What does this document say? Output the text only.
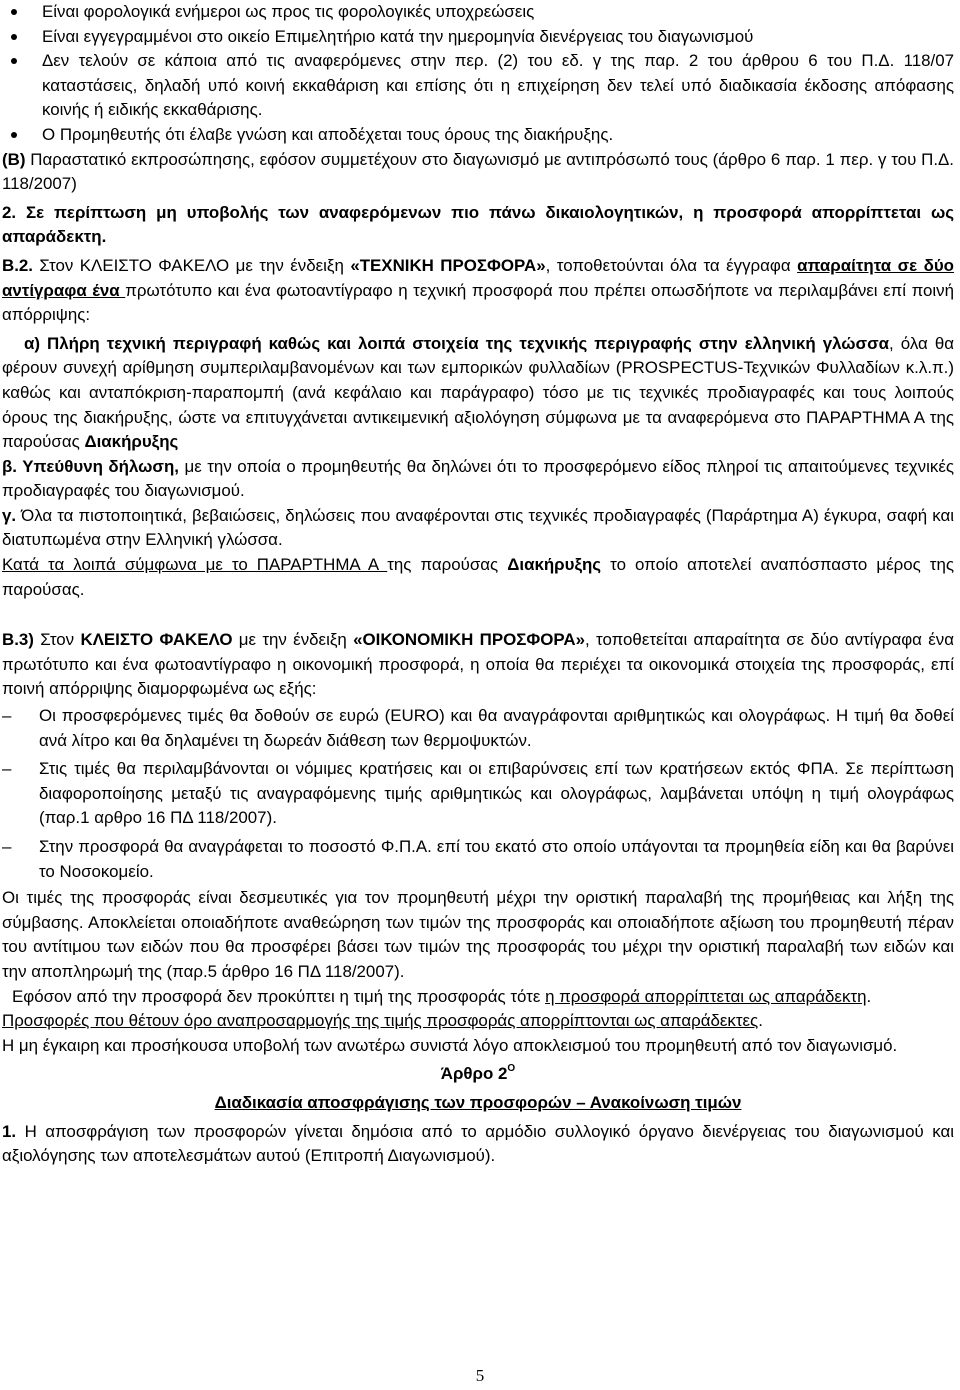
Είναι φορολογικά ενήμεροι ως προς τις φορολογικές υποχρεώσεις

Είναι εγγεγραμμένοι στο οικείο Επιμελητήριο κατά την ημερομηνία διενέργειας του διαγωνισμού

Δεν τελούν σε κάποια από τις αναφερόμενες στην περ. (2) του εδ. γ της παρ. 2 του άρθρου 6 του Π.Δ. 118/07 καταστάσεις, δηλαδή υπό κοινή εκκαθάριση και επίσης ότι η επιχείρηση δεν τελεί υπό διαδικασία έκδοσης απόφασης κοινής ή ειδικής εκκαθάρισης.

Ο Προμηθευτής ότι έλαβε γνώση και αποδέχεται τους όρους της διακήρυξης.

(Β) Παραστατικό εκπροσώπησης, εφόσον συμμετέχουν στο διαγωνισμό με αντιπρόσωπό τους (άρθρο 6 παρ. 1 περ. γ του Π.Δ. 118/2007)

2. Σε περίπτωση μη υποβολής των αναφερόμενων πιο πάνω δικαιολογητικών, η προσφορά απορρίπτεται ως απαράδεκτη.

Β.2. Στον ΚΛΕΙΣΤΟ ΦΑΚΕΛΟ με την ένδειξη «ΤΕΧΝΙΚΗ ΠΡΟΣΦΟΡΑ», τοποθετούνται όλα τα έγγραφα απαραίτητα σε δύο αντίγραφα ένα πρωτότυπο και ένα φωτοαντίγραφο η τεχνική προσφορά που πρέπει οπωσδήποτε να περιλαμβάνει επί ποινή απόρριψης:

α) Πλήρη τεχνική περιγραφή καθώς και λοιπά στοιχεία της τεχνικής περιγραφής στην ελληνική γλώσσα, όλα θα φέρουν συνεχή αρίθμηση συμπεριλαμβανομένων και των εμπορικών φυλλαδίων (PROSPECTUS-Τεχνικών Φυλλαδίων κ.λ.π.) καθώς και ανταπόκριση-παραπομπή (ανά κεφάλαιο και παράγραφο) τόσο με τις τεχνικές προδιαγραφές και τους λοιπούς όρους της διακήρυξης, ώστε να επιτυγχάνεται αντικειμενική αξιολόγηση σύμφωνα με τα αναφερόμενα στο ΠΑΡΑΡΤΗΜΑ Α της παρούσας Διακήρυξης

β. Υπεύθυνη δήλωση, με την οποία ο προμηθευτής θα δηλώνει ότι το προσφερόμενο είδος πληροί τις απαιτούμενες τεχνικές προδιαγραφές του διαγωνισμού.

γ. Όλα τα πιστοποιητικά, βεβαιώσεις, δηλώσεις που αναφέρονται στις τεχνικές προδιαγραφές (Παράρτημα Α) έγκυρα, σαφή και διατυπωμένα στην Ελληνική γλώσσα.

Κατά τα λοιπά σύμφωνα με το ΠΑΡΑΡΤΗΜΑ Α της παρούσας Διακήρυξης το οποίο αποτελεί αναπόσπαστο μέρος της παρούσας.

Β.3) Στον ΚΛΕΙΣΤΟ ΦΑΚΕΛΟ με την ένδειξη «ΟΙΚΟΝΟΜΙΚΗ ΠΡΟΣΦΟΡΑ», τοποθετείται απαραίτητα σε δύο αντίγραφα ένα πρωτότυπο και ένα φωτοαντίγραφο η οικονομική προσφορά, η οποία θα περιέχει τα οικονομικά στοιχεία της προσφοράς, επί ποινή απόρριψης διαμορφωμένα ως εξής:

– Οι προσφερόμενες τιμές θα δοθούν σε ευρώ (EURO) και θα αναγράφονται αριθμητικώς και ολογράφως. Η τιμή θα δοθεί ανά λίτρο και θα δηλαμένει τη δωρεάν διάθεση των θερμοψυκτών.

– Στις τιμές θα περιλαμβάνονται οι νόμιμες κρατήσεις και οι επιβαρύνσεις επί των κρατήσεων εκτός ΦΠΑ. Σε περίπτωση διαφοροποίησης μεταξύ τις αναγραφόμενης τιμής αριθμητικώς και ολογράφως, λαμβάνεται υπόψη η τιμή ολογράφως (παρ.1 αρθρο 16 ΠΔ 118/2007).

– Στην προσφορά θα αναγράφεται το ποσοστό Φ.Π.Α. επί του εκατό στο οποίο υπάγονται τα προμηθεία είδη και θα βαρύνει το Νοσοκομείο.

Οι τιμές της προσφοράς είναι δεσμευτικές για τον προμηθευτή μέχρι την οριστική παραλαβή της προμήθειας και λήξη της σύμβασης. Αποκλείεται οποιαδήποτε αναθεώρηση των τιμών της προσφοράς και οποιαδήποτε αξίωση του προμηθευτή πέραν του αντίτιμου των ειδών που θα προσφέρει βάσει των τιμών της προσφοράς του μέχρι την οριστική παραλαβή των ειδών και την αποπληρωμή της (παρ.5 άρθρο 16 ΠΔ 118/2007).

Εφόσον από την προσφορά δεν προκύπτει η τιμή της προσφοράς τότε η προσφορά απορρίπτεται ως απαράδεκτη.

Προσφορές που θέτουν όρο αναπροσαρμογής της τιμής προσφοράς απορρίπτονται ως απαράδεκτες.

Η μη έγκαιρη και προσήκουσα υποβολή των ανωτέρω συνιστά λόγο αποκλεισμού του προμηθευτή από τον διαγωνισμό.

Άρθρο $2^O$

Διαδικασία αποσφράγισης των προσφορών – Ανακοίνωση τιμών

1. Η αποσφράγιση των προσφορών γίνεται δημόσια από το αρμόδιο συλλογικό όργανο διενέργειας του διαγωνισμού και αξιολόγησης των αποτελεσμάτων αυτού (Επιτροπή Διαγωνισμού).

5
